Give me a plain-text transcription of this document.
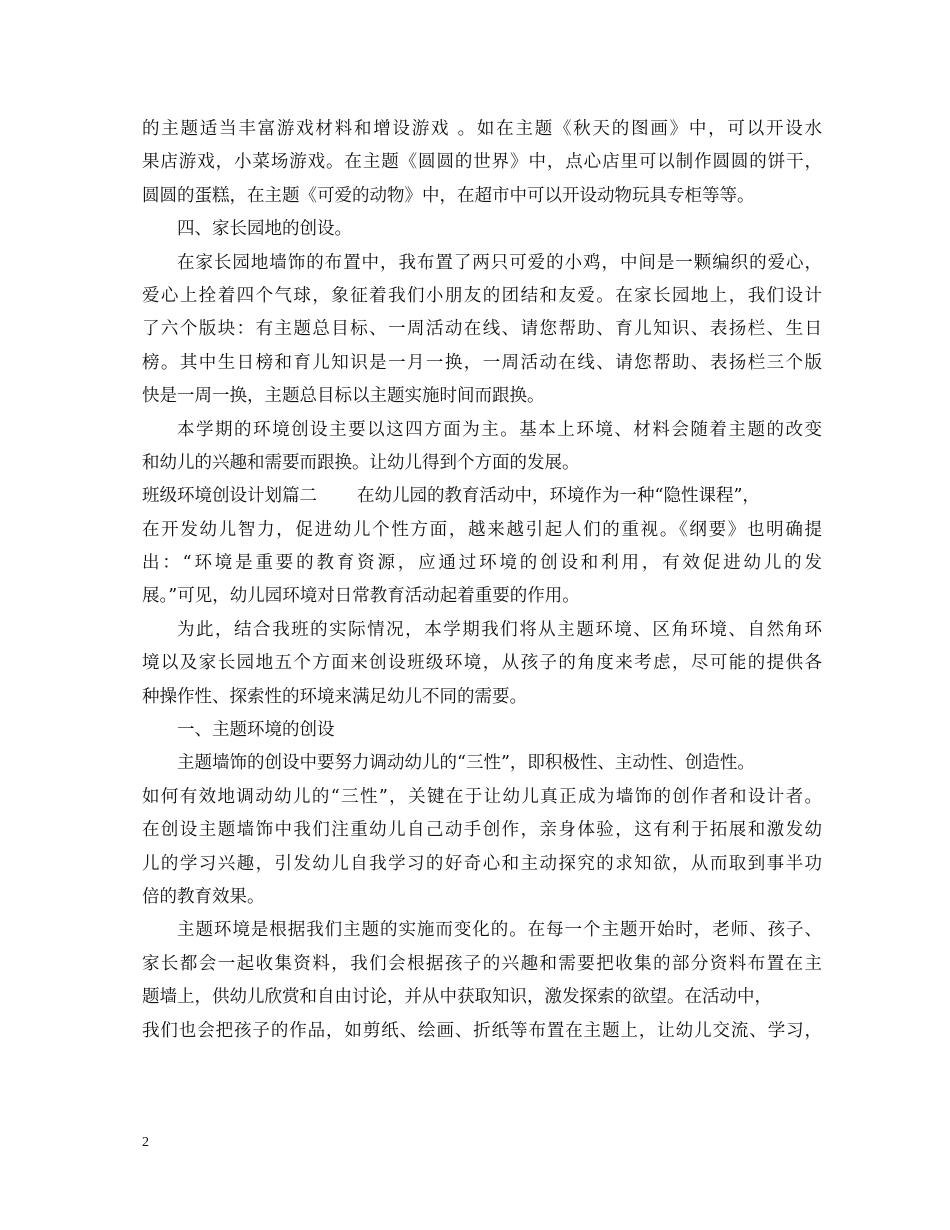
的主题适当丰富游戏材料和增设游戏 。如在主题《秋天的图画》中，可以开设水
果店游戏，小菜场游戏。在主题《圆圆的世界》中，点心店里可以制作圆圆的饼干，
圆圆的蛋糕，在主题《可爱的动物》中，在超市中可以开设动物玩具专柜等等。
四、家长园地的创设。
在家长园地墙饰的布置中，我布置了两只可爱的小鸡，中间是一颗编织的爱心，
爱心上拴着四个气球，象征着我们小朋友的团结和友爱。在家长园地上，我们设计
了六个版块：有主题总目标、一周活动在线、请您帮助、育儿知识、表扬栏、生日
榜。其中生日榜和育儿知识是一月一换，一周活动在线、请您帮助、表扬栏三个版
快是一周一换，主题总目标以主题实施时间而跟换。
本学期的环境创设主要以这四方面为主。基本上环境、材料会随着主题的改变
和幼儿的兴趣和需要而跟换。让幼儿得到个方面的发展。
班级环境创设计划篇二 在幼儿园的教育活动中，环境作为一种“隐性课程”，
在开发幼儿智力，促进幼儿个性方面，越来越引起人们的重视。《纲要》也明确提
出：“环境是重要的教育资源，应通过环境的创设和利用，有效促进幼儿的发
展。”可见，幼儿园环境对日常教育活动起着重要的作用。
为此，结合我班的实际情况，本学期我们将从主题环境、区角环境、自然角环
境以及家长园地五个方面来创设班级环境，从孩子的角度来考虑，尽可能的提供各
种操作性、探索性的环境来满足幼儿不同的需要。
一、主题环境的创设
主题墙饰的创设中要努力调动幼儿的“三性”，即积极性、主动性、创造性。
如何有效地调动幼儿的“三性”，关键在于让幼儿真正成为墙饰的创作者和设计者。
在创设主题墙饰中我们注重幼儿自己动手创作，亲身体验，这有利于拓展和激发幼
儿的学习兴趣，引发幼儿自我学习的好奇心和主动探究的求知欲，从而取到事半功
倍的教育效果。
主题环境是根据我们主题的实施而变化的。在每一个主题开始时，老师、孩子、
家长都会一起收集资料，我们会根据孩子的兴趣和需要把收集的部分资料布置在主
题墙上，供幼儿欣赏和自由讨论，并从中获取知识，激发探索的欲望。在活动中，
我们也会把孩子的作品，如剪纸、绘画、折纸等布置在主题上，让幼儿交流、学习，
2
